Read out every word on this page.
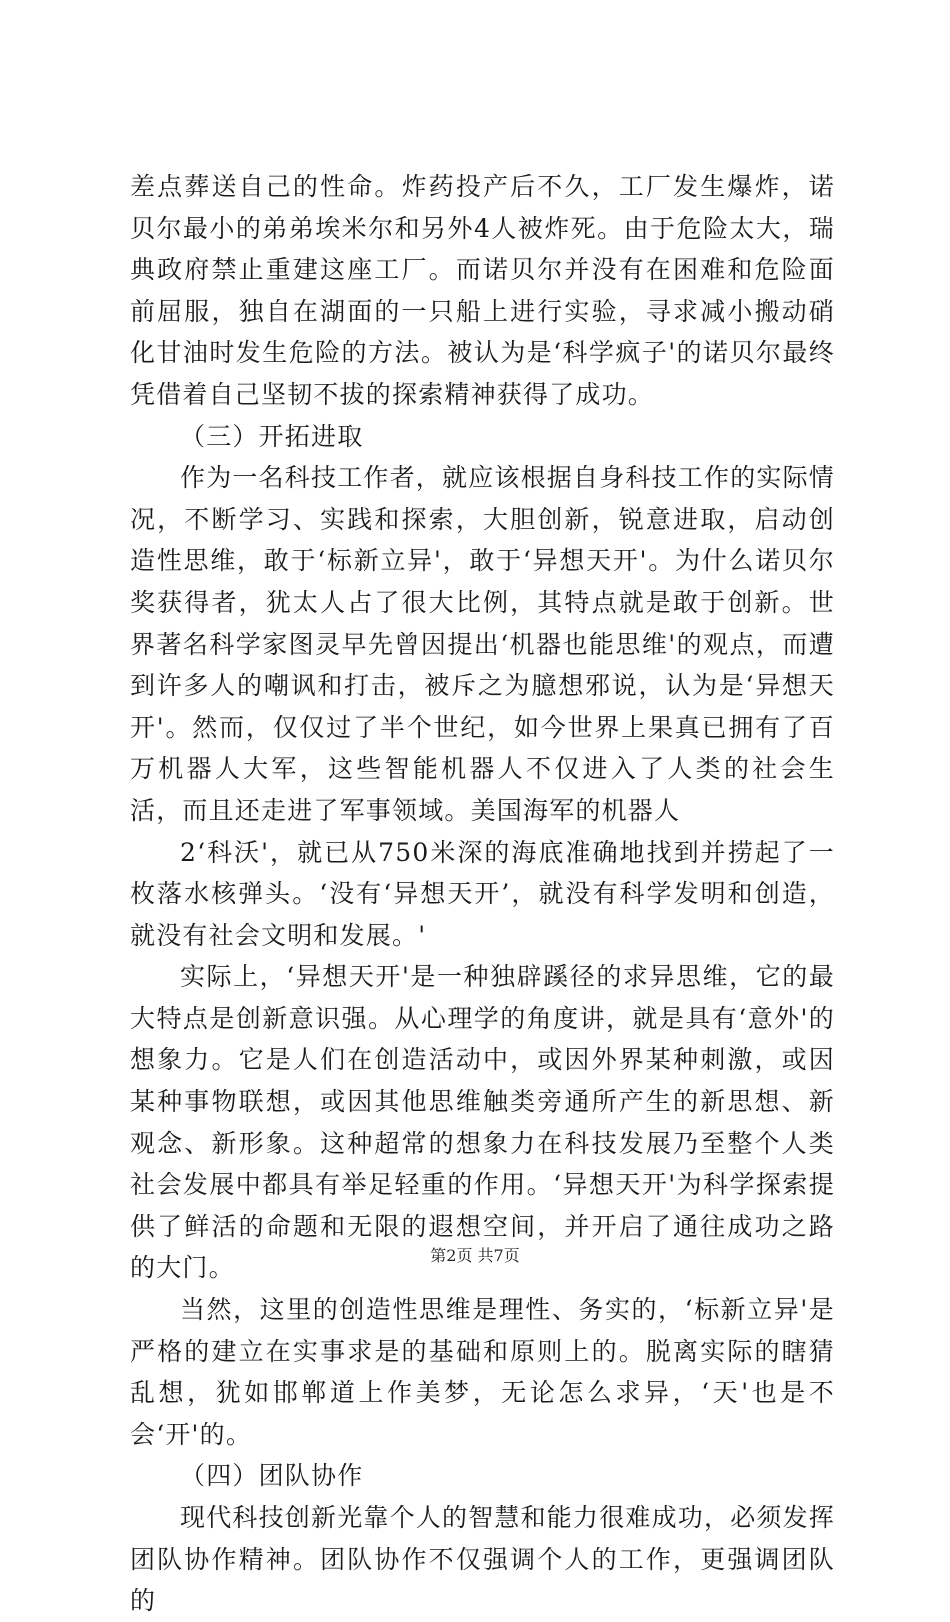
差点葬送自己的性命。炸药投产后不久，工厂发生爆炸，诺贝尔最小的弟弟埃米尔和另外4人被炸死。由于危险太大，瑞典政府禁止重建这座工厂。而诺贝尔并没有在困难和危险面前屈服，独自在湖面的一只船上进行实验，寻求减小搬动硝化甘油时发生危险的方法。被认为是‘科学疯子'的诺贝尔最终凭借着自己坚韧不拔的探索精神获得了成功。

（三）开拓进取

作为一名科技工作者，就应该根据自身科技工作的实际情况，不断学习、实践和探索，大胆创新，锐意进取，启动创造性思维，敢于‘标新立异'，敢于‘异想天开'。为什么诺贝尔奖获得者，犹太人占了很大比例，其特点就是敢于创新。世界著名科学家图灵早先曾因提出‘机器也能思维'的观点，而遭到许多人的嘲讽和打击，被斥之为臆想邪说，认为是‘异想天开'。然而，仅仅过了半个世纪，如今世界上果真已拥有了百万机器人大军，这些智能机器人不仅进入了人类的社会生活，而且还走进了军事领域。美国海军的机器人

2‘科沃'，就已从750米深的海底准确地找到并捞起了一枚落水核弹头。‘没有‘异想天开’，就没有科学发明和创造，就没有社会文明和发展。'

实际上，‘异想天开'是一种独辟蹊径的求异思维，它的最大特点是创新意识强。从心理学的角度讲，就是具有‘意外'的想象力。它是人们在创造活动中，或因外界某种刺激，或因某种事物联想，或因其他思维触类旁通所产生的新思想、新观念、新形象。这种超常的想象力在科技发展乃至整个人类社会发展中都具有举足轻重的作用。‘异想天开'为科学探索提供了鲜活的命题和无限的遐想空间，并开启了通往成功之路的大门。

当然，这里的创造性思维是理性、务实的，‘标新立异'是严格的建立在实事求是的基础和原则上的。脱离实际的瞎猜乱想，犹如邯郸道上作美梦，无论怎么求异，‘天'也是不会‘开'的。

（四）团队协作

现代科技创新光靠个人的智慧和能力很难成功，必须发挥团队协作精神。团队协作不仅强调个人的工作，更强调团队的

第2页 共7页
